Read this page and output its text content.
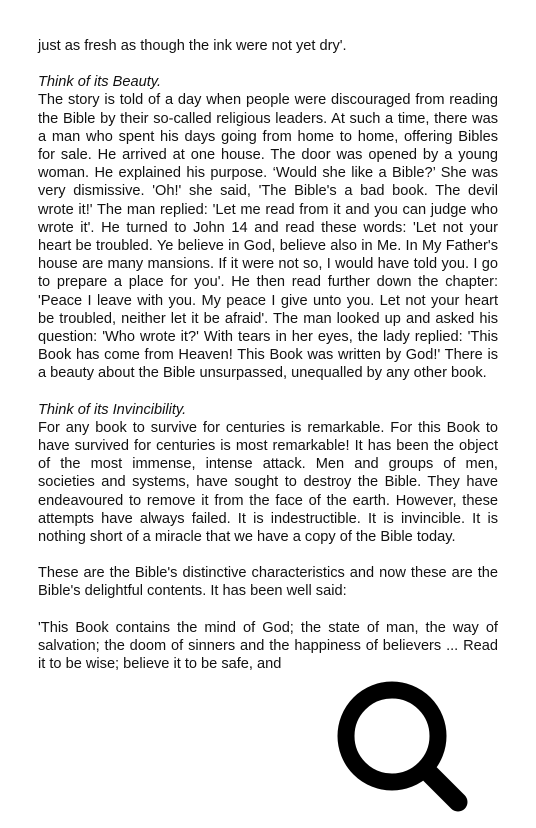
just as fresh as though the ink were not yet dry'.

Think of its Beauty.

The story is told of a day when people were discouraged from reading the Bible by their so-called religious leaders. At such a time, there was a man who spent his days going from home to home, offering Bibles for sale. He arrived at one house. The door was opened by a young woman. He explained his purpose. ‘Would she like a Bible?’ She was very dismissive. 'Oh!' she said, 'The Bible's a bad book. The devil wrote it!' The man replied: 'Let me read from it and you can judge who wrote it'. He turned to John 14 and read these words: 'Let not your heart be troubled. Ye believe in God, believe also in Me. In My Father's house are many mansions. If it were not so, I would have told you. I go to prepare a place for you'. He then read further down the chapter: 'Peace I leave with you. My peace I give unto you. Let not your heart be troubled, neither let it be afraid'. The man looked up and asked his question: 'Who wrote it?' With tears in her eyes, the lady replied: 'This Book has come from Heaven! This Book was written by God!' There is a beauty about the Bible unsurpassed, unequalled by any other book.

Think of its Invincibility.

For any book to survive for centuries is remarkable. For this Book to have survived for centuries is most remarkable! It has been the object of the most immense, intense attack. Men and groups of men, societies and systems, have sought to destroy the Bible. They have endeavoured to remove it from the face of the earth. However, these attempts have always failed. It is indestructible. It is invincible. It is nothing short of a miracle that we have a copy of the Bible today.

These are the Bible's distinctive characteristics and now these are the Bible's delightful contents. It has been well said:

'This Book contains the mind of God; the state of man, the way of salvation; the doom of sinners and the happiness of believers ... Read it to be wise; believe it to be safe, and
